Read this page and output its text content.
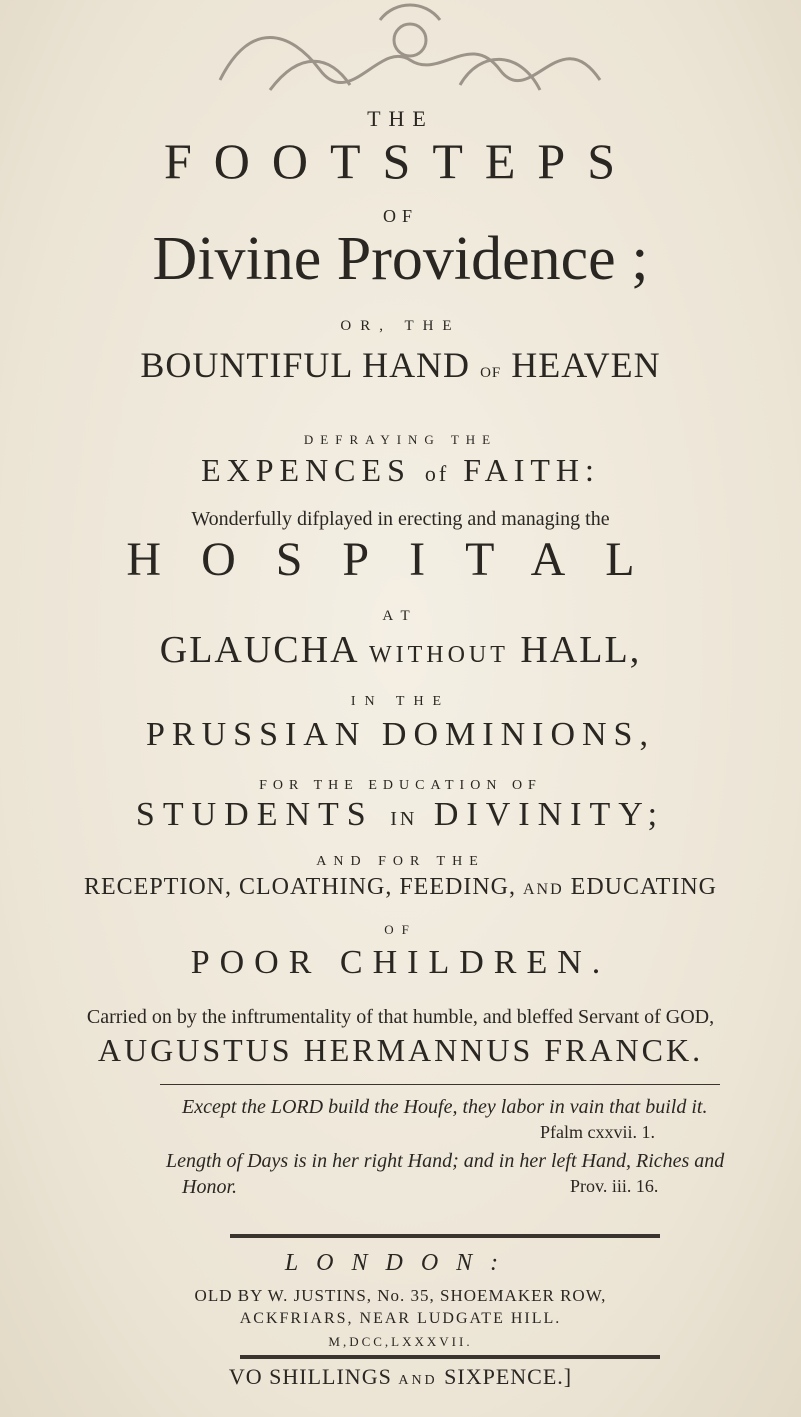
THE
FOOTSTEPS
OF
Divine Providence ;
OR, THE
BOUNTIFUL HAND of HEAVEN
DEFRAYING THE
EXPENCES of FAITH:
Wonderfully difplayed in erecting and managing the
HOSPITAL
AT
GLAUCHA WITHOUT HALL,
IN THE
PRUSSIAN DOMINIONS,
FOR THE EDUCATION OF
STUDENTS IN DIVINITY;
AND FOR THE
RECEPTION, CLOATHING, FEEDING, AND EDUCATING
OF
POOR CHILDREN.
Carried on by the inftrumentality of that humble, and bleffed Servant of GOD,
AUGUSTUS HERMANNUS FRANCK.
Except the LORD build the Houfe, they labor in vain that build it.
Pfalm cxxvii. 1.
Length of Days is in her right Hand; and in her left Hand, Riches and
Honor.	Prov. iii. 16.
LONDON:
OLD BY W. JUSTINS, No. 35, SHOEMAKER ROW,
ACKFRIARS, NEAR LUDGATE HILL.
M,DCC,LXXXVII.
VO SHILLINGS AND SIXPENCE.]
